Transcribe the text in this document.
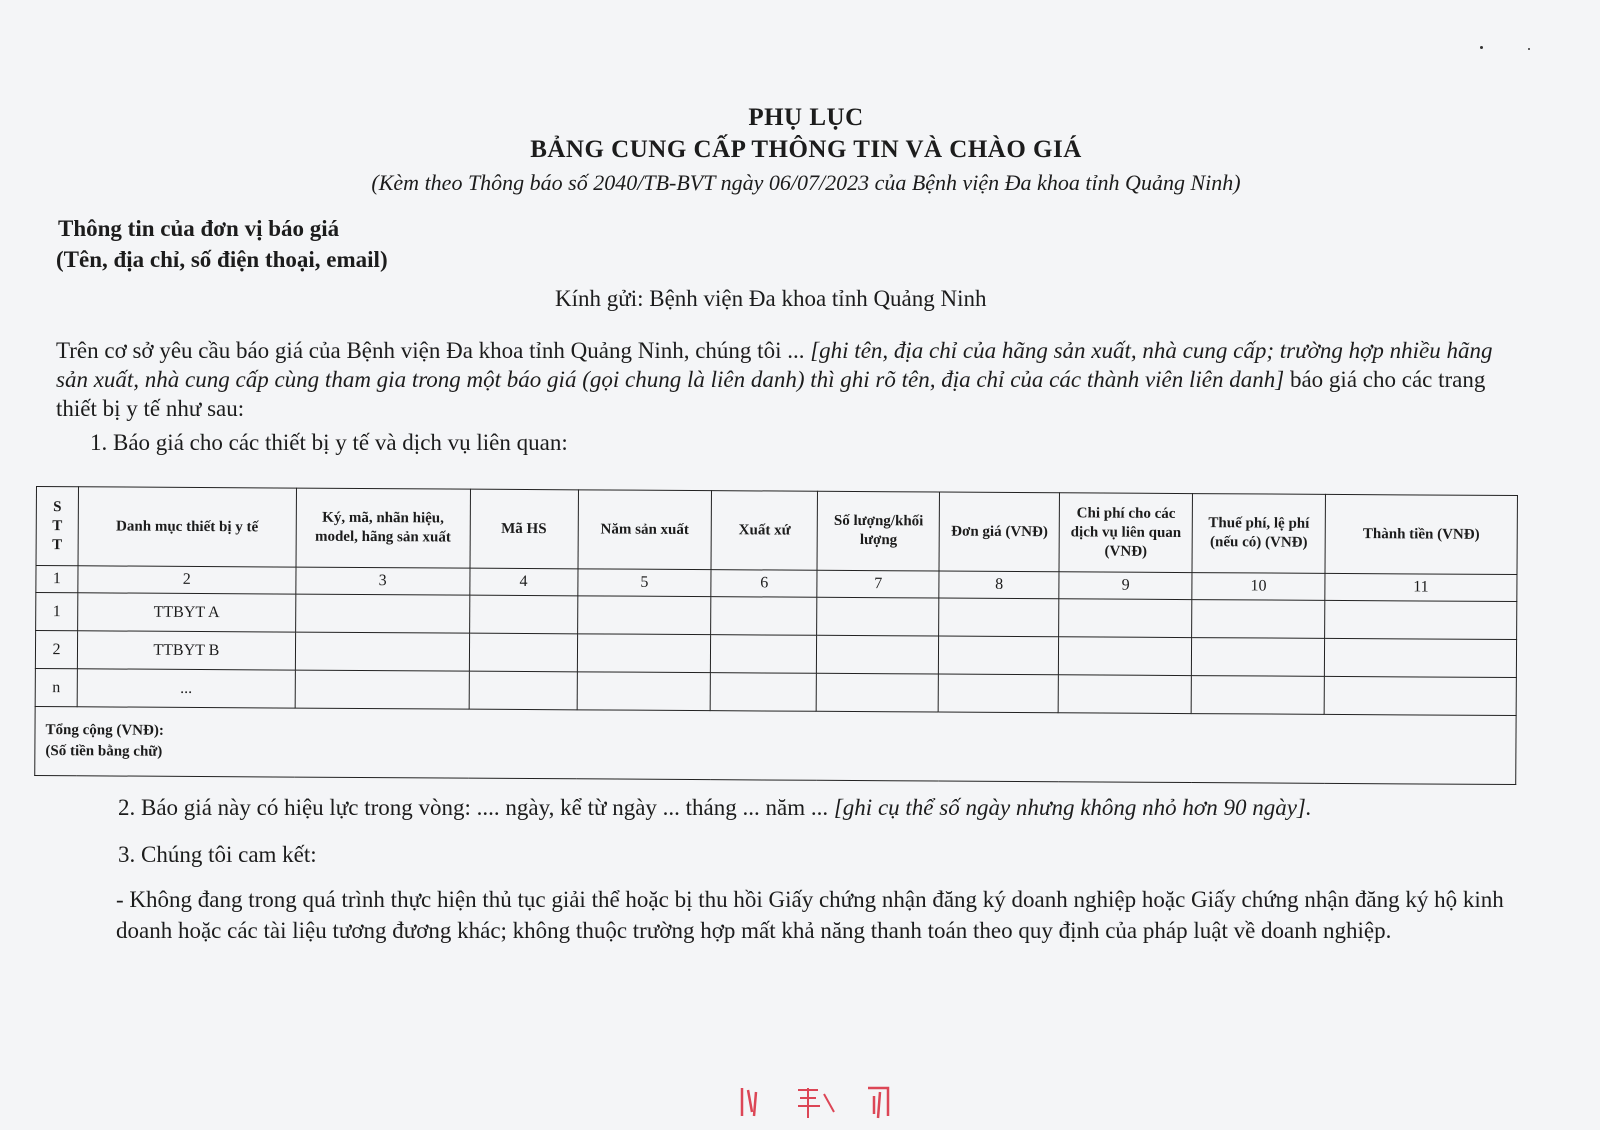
PHỤ LỤC
BẢNG CUNG CẤP THÔNG TIN VÀ CHÀO GIÁ
(Kèm theo Thông báo số 2040/TB-BVT ngày 06/07/2023 của Bệnh viện Đa khoa tỉnh Quảng Ninh)
Thông tin của đơn vị báo giá
(Tên, địa chỉ, số điện thoại, email)
Kính gửi: Bệnh viện Đa khoa tỉnh Quảng Ninh
Trên cơ sở yêu cầu báo giá của Bệnh viện Đa khoa tỉnh Quảng Ninh, chúng tôi ... [ghi tên, địa chỉ của hãng sản xuất, nhà cung cấp; trường hợp nhiều hãng sản xuất, nhà cung cấp cùng tham gia trong một báo giá (gọi chung là liên danh) thì ghi rõ tên, địa chỉ của các thành viên liên danh] báo giá cho các trang thiết bị y tế như sau:
1. Báo giá cho các thiết bị y tế và dịch vụ liên quan:
S
T
T	Danh mục thiết bị y tế	Ký, mã, nhãn hiệu, model, hãng sản xuất	Mã HS	Năm sản xuất	Xuất xứ	Số lượng/khối lượng	Đơn giá (VNĐ)	Chi phí cho các dịch vụ liên quan (VNĐ)	Thuế phí, lệ phí (nếu có) (VNĐ)	Thành tiền (VNĐ)
1	2	3	4	5	6	7	8	9	10	11
1	TTBYT A									
2	TTBYT B									
n	...									

Tổng cộng (VNĐ):
(Số tiền bằng chữ)										
2. Báo giá này có hiệu lực trong vòng: .... ngày, kể từ ngày ... tháng ... năm ... [ghi cụ thể số ngày nhưng không nhỏ hơn 90 ngày].
3. Chúng tôi cam kết:
- Không đang trong quá trình thực hiện thủ tục giải thể hoặc bị thu hồi Giấy chứng nhận đăng ký doanh nghiệp hoặc Giấy chứng nhận đăng ký hộ kinh doanh hoặc các tài liệu tương đương khác; không thuộc trường hợp mất khả năng thanh toán theo quy định của pháp luật về doanh nghiệp.
